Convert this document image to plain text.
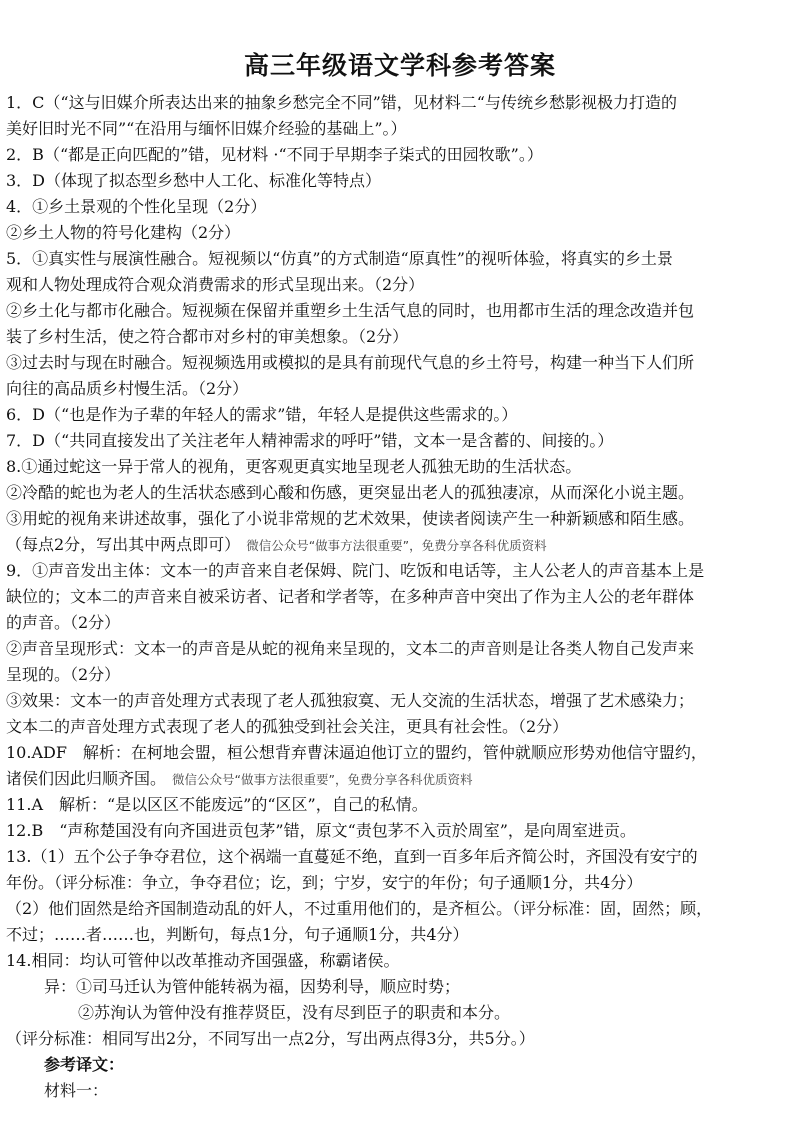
高三年级语文学科参考答案
1．C（“这与旧媒介所表达出来的抽象乡愁完全不同”错，见材料二“与传统乡愁影视极力打造的
美好旧时光不同”“在沿用与缅怀旧媒介经验的基础上”。）
2．B（“都是正向匹配的”错，见材料 ·“不同于早期李子柒式的田园牧歌”。）
3．D（体现了拟态型乡愁中人工化、标准化等特点）
4．①乡土景观的个性化呈现（2分）
②乡土人物的符号化建构（2分）
5．①真实性与展演性融合。短视频以“仿真”的方式制造“原真性”的视听体验，将真实的乡土景
观和人物处理成符合观众消费需求的形式呈现出来。（2分）
②乡土化与都市化融合。短视频在保留并重塑乡土生活气息的同时，也用都市生活的理念改造并包
装了乡村生活，使之符合都市对乡村的审美想象。（2分）
③过去时与现在时融合。短视频选用或模拟的是具有前现代气息的乡土符号，构建一种当下人们所
向往的高品质乡村慢生活。（2分）
6．D（“也是作为子辈的年轻人的需求”错，年轻人是提供这些需求的。）
7．D（“共同直接发出了关注老年人精神需求的呼吁”错，文本一是含蓄的、间接的。）
8.①通过蛇这一异于常人的视角，更客观更真实地呈现老人孤独无助的生活状态。
②冷酷的蛇也为老人的生活状态感到心酸和伤感，更突显出老人的孤独凄凉，从而深化小说主题。
③用蛇的视角来讲述故事，强化了小说非常规的艺术效果，使读者阅读产生一种新颖感和陌生感。
（每点2分，写出其中两点即可） 微信公众号“做事方法很重要”，免费分享各科优质资料
9．①声音发出主体：文本一的声音来自老保姆、院门、吃饭和电话等，主人公老人的声音基本上是
缺位的；文本二的声音来自被采访者、记者和学者等，在多种声音中突出了作为主人公的老年群体
的声音。（2分）
②声音呈现形式：文本一的声音是从蛇的视角来呈现的，文本二的声音则是让各类人物自己发声来
呈现的。（2分）
③效果：文本一的声音处理方式表现了老人孤独寂寞、无人交流的生活状态，增强了艺术感染力；
文本二的声音处理方式表现了老人的孤独受到社会关注，更具有社会性。（2分）
10.ADF　解析：在柯地会盟，桓公想背弃曹沫逼迫他订立的盟约，管仲就顺应形势劝他信守盟约，
诸侯们因此归顺齐国。 微信公众号“做事方法很重要”，免费分享各科优质资料
11.A　解析：“是以区区不能废远”的“区区”，自己的私情。
12.B　“声称楚国没有向齐国进贡包茅”错，原文“责包茅不入贡於周室”，是向周室进贡。
13.（1）五个公子争夺君位，这个祸端一直蔓延不绝，直到一百多年后齐简公时，齐国没有安宁的
年份。（评分标准：争立，争夺君位；讫，到；宁岁，安宁的年份；句子通顺1分，共4分）
（2）他们固然是给齐国制造动乱的奸人，不过重用他们的，是齐桓公。（评分标准：固，固然；顾，
不过；……者……也，判断句，每点1分，句子通顺1分，共4分）
14.相同：均认可管仲以改革推动齐国强盛，称霸诸侯。
异：①司马迁认为管仲能转祸为福，因势利导，顺应时势；
②苏洵认为管仲没有推荐贤臣，没有尽到臣子的职责和本分。
（评分标准：相同写出2分，不同写出一点2分，写出两点得3分，共5分。）
参考译文：
材料一：
